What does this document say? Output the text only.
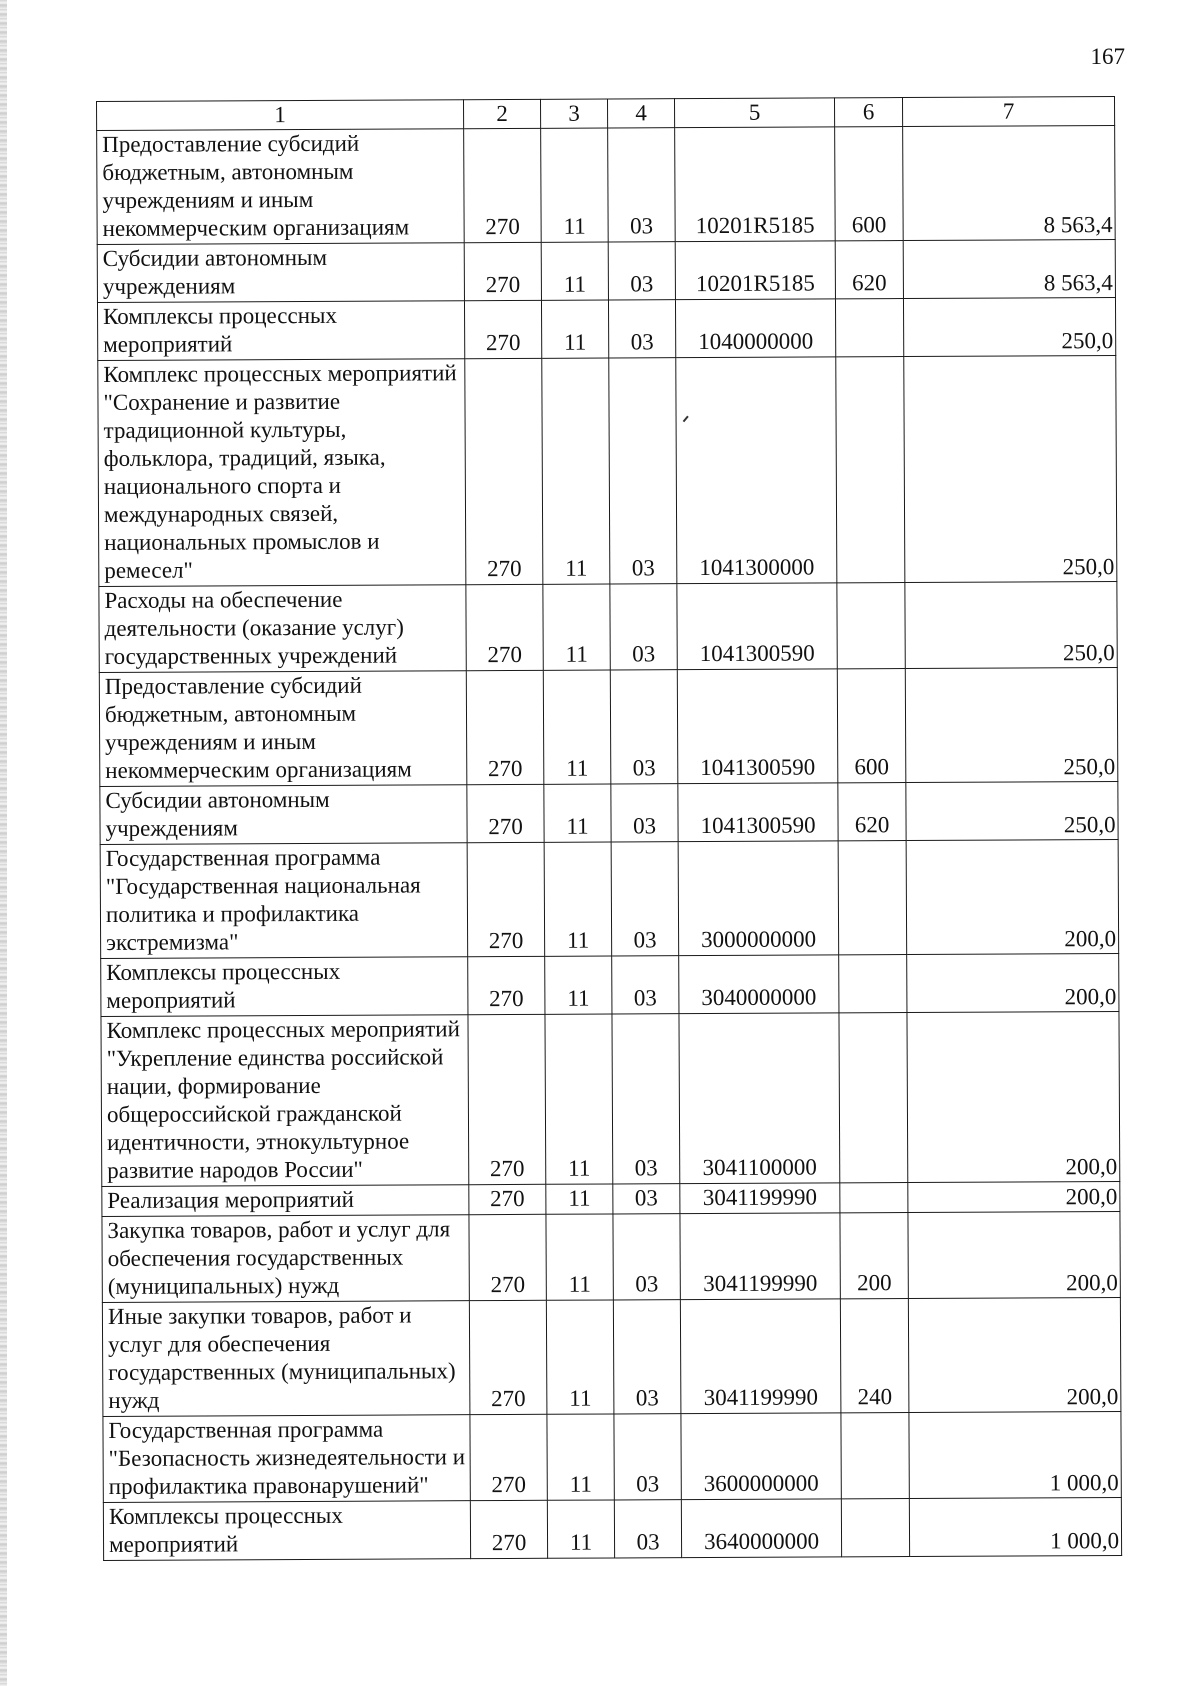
167
1	2	3	4	5	6	7
Предоставление субсидий бюджетным, автономным учреждениям и иным некоммерческим организациям	270	11	03	10201R5185	600	8 563,4
Субсидии автономным учреждениям	270	11	03	10201R5185	620	8 563,4
Комплексы процессных мероприятий	270	11	03	1040000000		250,0
Комплекс процессных мероприятий "Сохранение и развитие традиционной культуры, фольклора, традиций, языка, национального спорта и международных связей, национальных промыслов и ремесел"	270	11	03	1041300000		250,0
Расходы на обеспечение деятельности (оказание услуг) государственных учреждений	270	11	03	1041300590		250,0
Предоставление субсидий бюджетным, автономным учреждениям и иным некоммерческим организациям	270	11	03	1041300590	600	250,0
Субсидии автономным учреждениям	270	11	03	1041300590	620	250,0
Государственная программа "Государственная национальная политика и профилактика экстремизма"	270	11	03	3000000000		200,0
Комплексы процессных мероприятий	270	11	03	3040000000		200,0
Комплекс процессных мероприятий "Укрепление единства российской нации, формирование общероссийской гражданской идентичности, этнокультурное развитие народов России"	270	11	03	3041100000		200,0
Реализация мероприятий	270	11	03	3041199990		200,0
Закупка товаров, работ и услуг для обеспечения государственных (муниципальных) нужд	270	11	03	3041199990	200	200,0
Иные закупки товаров, работ и услуг для обеспечения государственных (муниципальных) нужд	270	11	03	3041199990	240	200,0
Государственная программа "Безопасность жизнедеятельности и профилактика правонарушений"	270	11	03	3600000000		1 000,0
Комплексы процессных мероприятий	270	11	03	3640000000		1 000,0
